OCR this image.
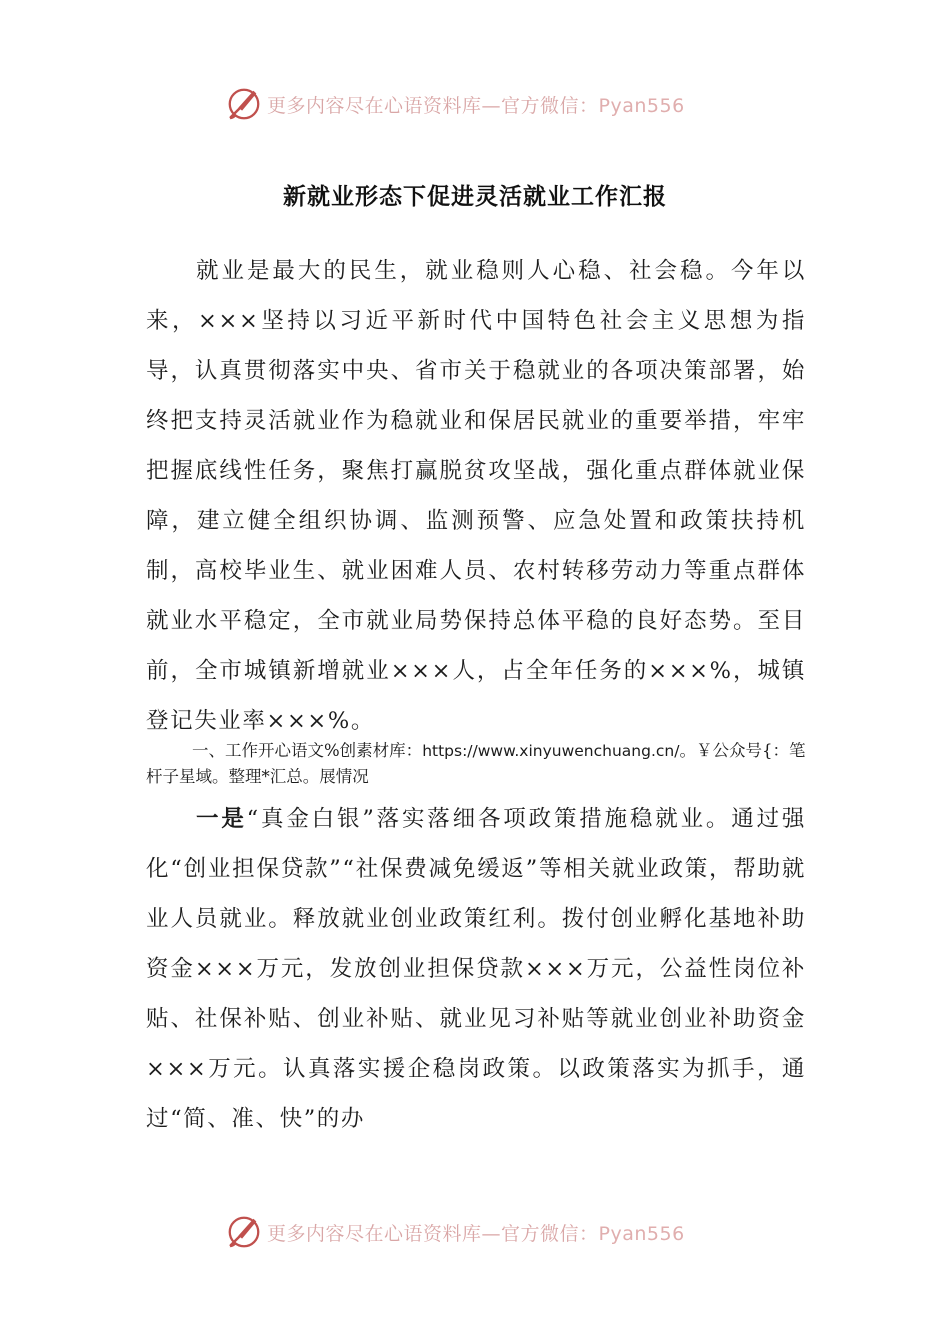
更多内容尽在心语资料库—官方微信：Pyan556
新就业形态下促进灵活就业工作汇报

就业是最大的民生，就业稳则人心稳、社会稳。今年以来，×××坚持以习近平新时代中国特色社会主义思想为指导，认真贯彻落实中央、省市关于稳就业的各项决策部署，始终把支持灵活就业作为稳就业和保居民就业的重要举措，牢牢把握底线性任务，聚焦打赢脱贫攻坚战，强化重点群体就业保障，建立健全组织协调、监测预警、应急处置和政策扶持机制，高校毕业生、就业困难人员、农村转移劳动力等重点群体就业水平稳定，全市就业局势保持总体平稳的良好态势。至目前，全市城镇新增就业×××人，占全年任务的×××%，城镇登记失业率×××%。

一、工作开心语文%创素材库：https://www.xinyuwenchuang.cn/。￥公众号{：笔杆子星域。整理*汇总。展情况

一是“真金白银”落实落细各项政策措施稳就业。通过强化“创业担保贷款”“社保费减免缓返”等相关就业政策，帮助就业人员就业。释放就业创业政策红利。拨付创业孵化基地补助资金×××万元，发放创业担保贷款×××万元，公益性岗位补贴、社保补贴、创业补贴、就业见习补贴等就业创业补助资金×××万元。认真落实援企稳岗政策。以政策落实为抓手，通过“简、准、快”的办

更多内容尽在心语资料库—官方微信：Pyan556
